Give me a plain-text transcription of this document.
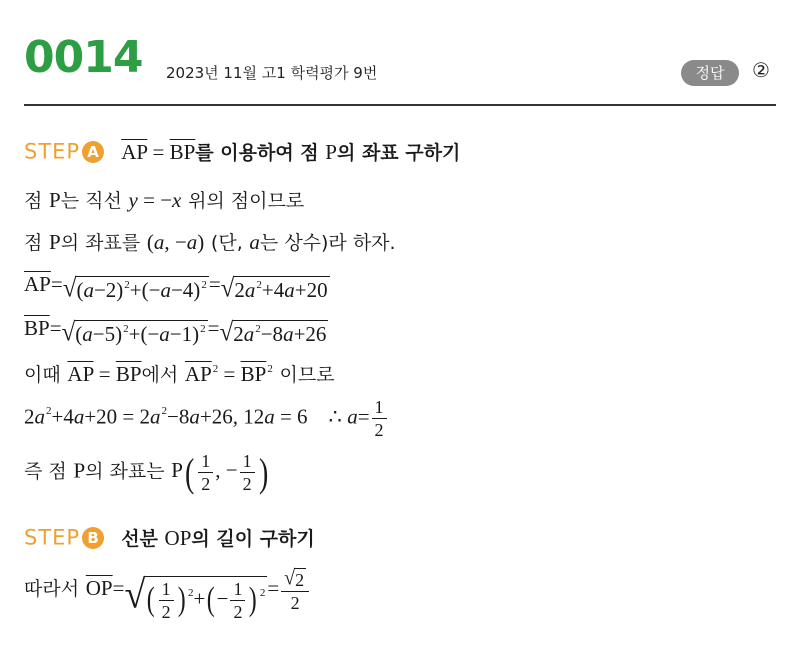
0014 2023년 11월 고1 학력평가 9번	정답	②
STEP A $\overline{AP} = \overline{BP}$를 이용하여 점 P의 좌표 구하기
점 P는 직선 y = −x 위의 점이므로
점 P의 좌표를 (a, −a) (단, a는 상수)라 하자.
$\overline{AP}=$ √ $(a-2)^2+(-a-4)^2$ = √ $2a^2+4a+20$
$\overline{BP}=$ √ $(a-5)^2+(-a-1)^2$ = √ $2a^2-8a+26$
이때 $\overline{AP} = \overline{BP}$에서 $\overline{AP}^2 = \overline{BP}^2$ 이므로
$2a^2+4a+20 = 2a^2-8a+26$, 12a = 6    ∴ $a= \frac{1}{2}$
즉 점 P의 좌표는 $P( \frac{1}{2}$ , − $\frac{1}{2}$ )
STEP B 선분 OP의 길이 구하기
따라서 $\overline{OP}=$ √ ( $\frac{1}{2}$ ) $^2+(- \frac{1}{2}$ ) $^2 = \frac{√ 2}{2}$
